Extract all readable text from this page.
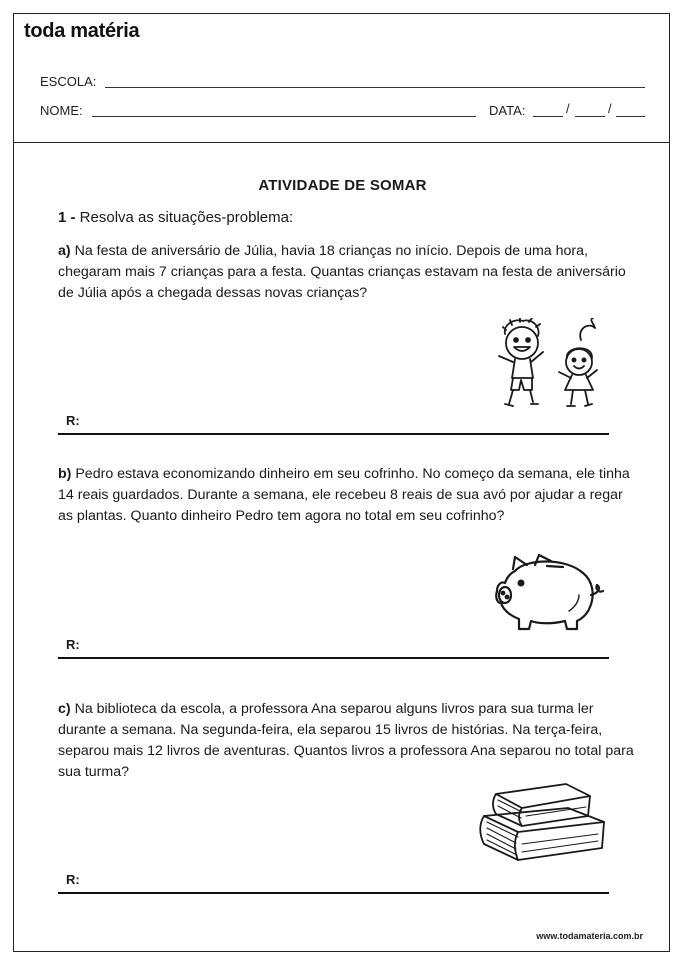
toda matéria
ESCOLA:
NOME:	DATA:	/	/
ATIVIDADE DE SOMAR
1 - Resolva as situações-problema:
a) Na festa de aniversário de Júlia, havia 18 crianças no início. Depois de uma hora, chegaram mais 7 crianças para a festa. Quantas crianças estavam na festa de aniversário de Júlia após a chegada dessas novas crianças?
R:
b) Pedro estava economizando dinheiro em seu cofrinho. No começo da semana, ele tinha 14 reais guardados. Durante a semana, ele recebeu 8 reais de sua avó por ajudar a regar as plantas. Quanto dinheiro Pedro tem agora no total em seu cofrinho?
R:
c) Na biblioteca da escola, a professora Ana separou alguns livros para sua turma ler durante a semana. Na segunda-feira, ela separou 15 livros de histórias. Na terça-feira, separou mais 12 livros de aventuras. Quantos livros a professora Ana separou no total para sua turma?
R:
www.todamateria.com.br
